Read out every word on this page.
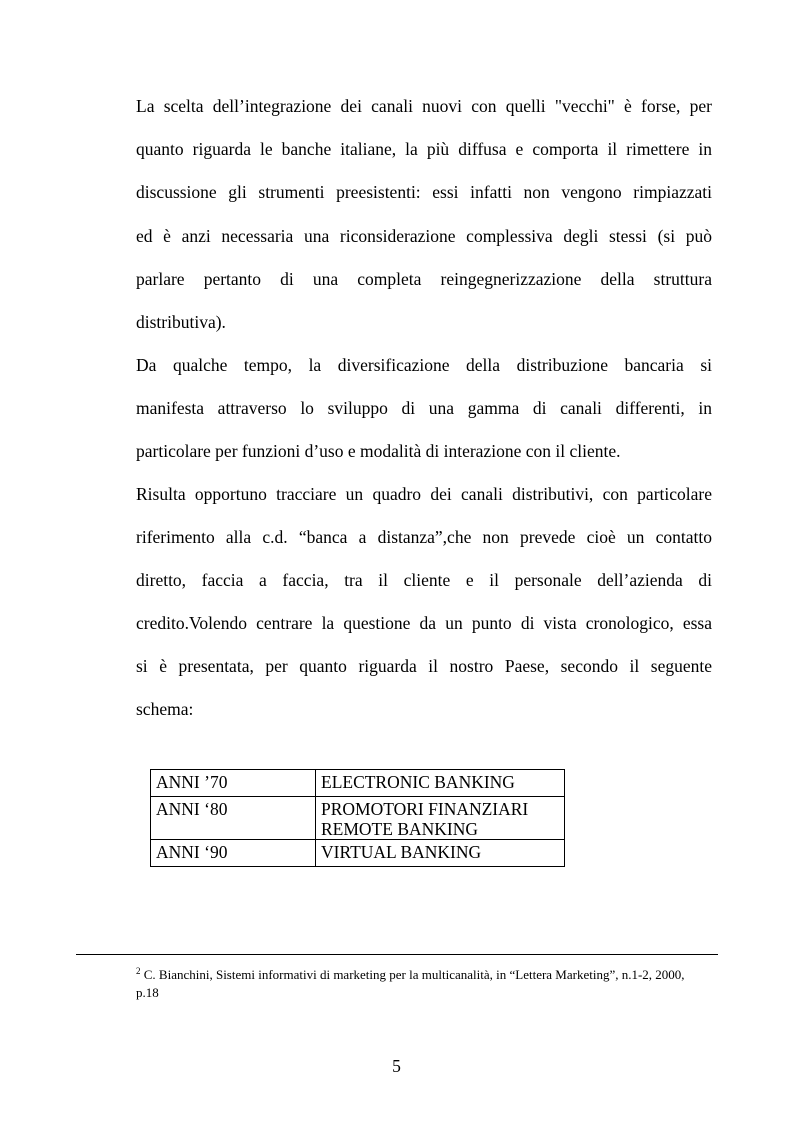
La scelta dell’integrazione dei canali nuovi con quelli "vecchi" è forse, per
quanto riguarda le banche italiane, la più diffusa e comporta il rimettere in
discussione gli strumenti preesistenti: essi infatti non vengono rimpiazzati
ed è anzi necessaria una riconsiderazione complessiva degli stessi (si può
parlare pertanto di una completa reingegnerizzazione della struttura
distributiva).
Da qualche tempo, la diversificazione della distribuzione bancaria si
manifesta attraverso lo sviluppo di una gamma di canali differenti, in
particolare per funzioni d’uso e modalità di interazione con il cliente.
Risulta opportuno tracciare un quadro dei canali distributivi, con particolare
riferimento alla c.d. “banca a distanza”,che non prevede cioè un contatto
diretto, faccia a faccia, tra il cliente e il personale dell’azienda di
credito.Volendo centrare la questione da un punto di vista cronologico, essa
si è presentata, per quanto riguarda il nostro Paese, secondo il seguente
schema:
ANNI ’70	ELECTRONIC BANKING

ANNI ‘80	PROMOTORI FINANZIARI
REMOTE BANKING

ANNI ‘90	VIRTUAL BANKING
$^2$ C. Bianchini, Sistemi informativi di marketing per la multicanalità, in “Lettera Marketing”, n.1-2, 2000,
p.18
5
